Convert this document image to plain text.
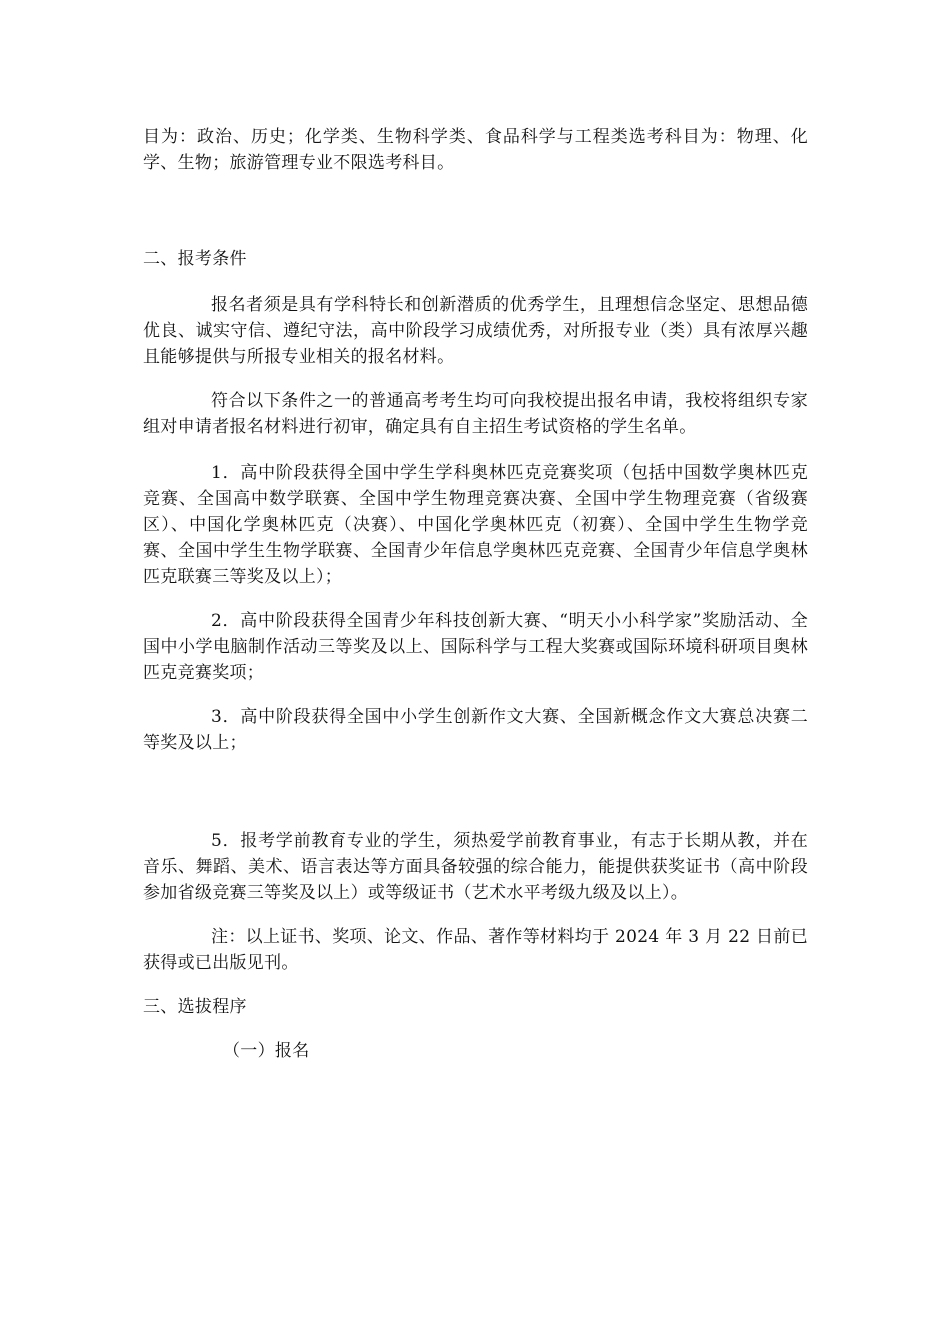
目为：政治、历史；化学类、生物科学类、食品科学与工程类选考科目为：物理、化学、生物；旅游管理专业不限选考科目。

二、报考条件

报名者须是具有学科特长和创新潜质的优秀学生，且理想信念坚定、思想品德优良、诚实守信、遵纪守法，高中阶段学习成绩优秀，对所报专业（类）具有浓厚兴趣且能够提供与所报专业相关的报名材料。

符合以下条件之一的普通高考考生均可向我校提出报名申请，我校将组织专家组对申请者报名材料进行初审，确定具有自主招生考试资格的学生名单。

1．高中阶段获得全国中学生学科奥林匹克竞赛奖项（包括中国数学奥林匹克竞赛、全国高中数学联赛、全国中学生物理竞赛决赛、全国中学生物理竞赛（省级赛区）、中国化学奥林匹克（决赛）、中国化学奥林匹克（初赛）、全国中学生生物学竞赛、全国中学生生物学联赛、全国青少年信息学奥林匹克竞赛、全国青少年信息学奥林匹克联赛三等奖及以上）；

2．高中阶段获得全国青少年科技创新大赛、“明天小小科学家”奖励活动、全国中小学电脑制作活动三等奖及以上、国际科学与工程大奖赛或国际环境科研项目奥林匹克竞赛奖项；

3．高中阶段获得全国中小学生创新作文大赛、全国新概念作文大赛总决赛二等奖及以上；

5．报考学前教育专业的学生，须热爱学前教育事业，有志于长期从教，并在音乐、舞蹈、美术、语言表达等方面具备较强的综合能力，能提供获奖证书（高中阶段参加省级竞赛三等奖及以上）或等级证书（艺术水平考级九级及以上）。

注：以上证书、奖项、论文、作品、著作等材料均于 2024 年 3 月 22 日前已获得或已出版见刊。

三、选拔程序

（一）报名
